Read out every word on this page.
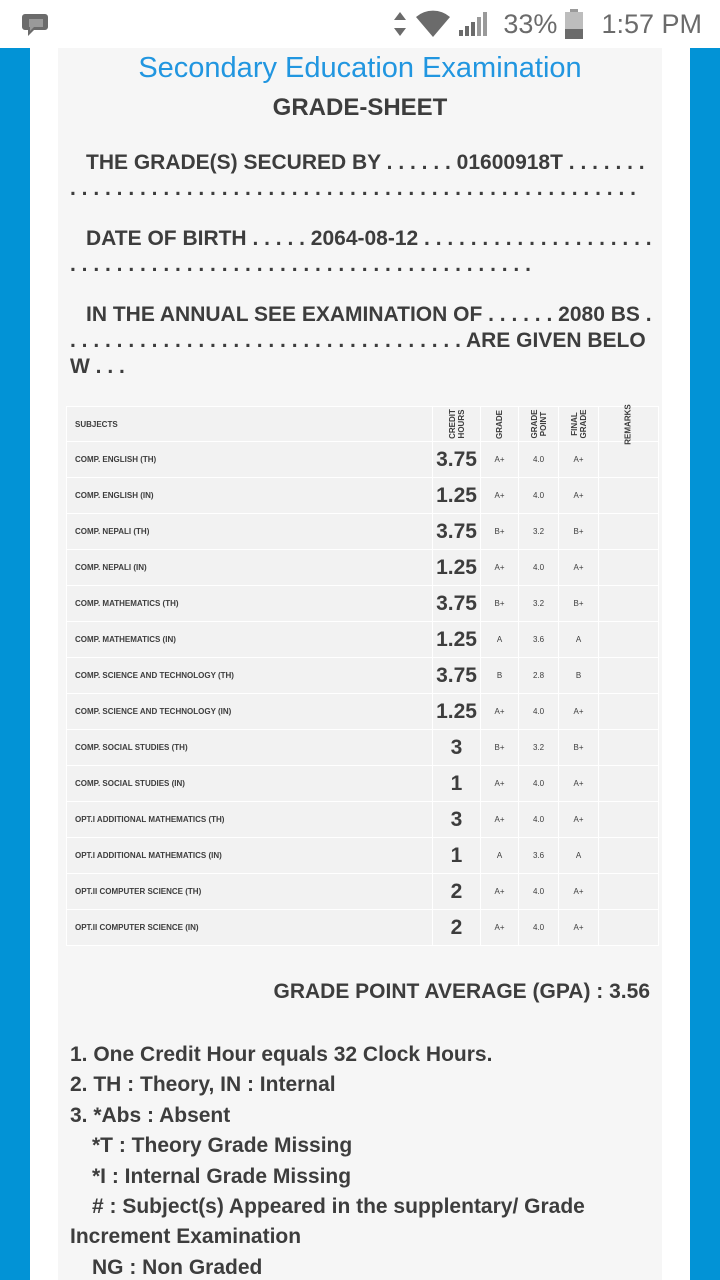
33% 1:57 PM
Secondary Education Examination
GRADE-SHEET
THE GRADE(S) SECURED BY . . . . . . 01600918T . . . . . . . . . . . . . . . . . . . . . . . . . . . . . . . . . . . . . . . . . . . . . . . . . . . . . . . .
DATE OF BIRTH . . . . . 2064-08-12 . . . . . . . . . . . . . . . . . . . . . . . . . . . . . . . . . . . . . . . . . . . . . . . . . . . . . . . . . . . .
IN THE ANNUAL SEE EXAMINATION OF . . . . . . 2080 BS . . . . . . . . . . . . . . . . . . . . . . . . . . . . . . . . . . . ARE GIVEN BELOW . . .
SUBJECTS	CREDIT HOURS	GRADE	GRADE POINT	FINAL GRADE	REMARKS
COMP. ENGLISH (TH)	3.75	A+	4.0	A+	
COMP. ENGLISH (IN)	1.25	A+	4.0	A+	
COMP. NEPALI (TH)	3.75	B+	3.2	B+	
COMP. NEPALI (IN)	1.25	A+	4.0	A+	
COMP. MATHEMATICS (TH)	3.75	B+	3.2	B+	
COMP. MATHEMATICS (IN)	1.25	A	3.6	A	
COMP. SCIENCE AND TECHNOLOGY (TH)	3.75	B	2.8	B	
COMP. SCIENCE AND TECHNOLOGY (IN)	1.25	A+	4.0	A+	
COMP. SOCIAL STUDIES (TH)	3	B+	3.2	B+	
COMP. SOCIAL STUDIES (IN)	1	A+	4.0	A+	
OPT.I ADDITIONAL MATHEMATICS (TH)	3	A+	4.0	A+	
OPT.I ADDITIONAL MATHEMATICS (IN)	1	A	3.6	A	
OPT.II COMPUTER SCIENCE (TH)	2	A+	4.0	A+	
OPT.II COMPUTER SCIENCE (IN)	2	A+	4.0	A+	
GRADE POINT AVERAGE (GPA) : 3.56
1. One Credit Hour equals 32 Clock Hours.
2. TH : Theory, IN : Internal
3. *Abs : Absent
*T : Theory Grade Missing
*I : Internal Grade Missing
# : Subject(s) Appeared in the supplentary/ Grade
Increment Examination
NG : Non Graded
